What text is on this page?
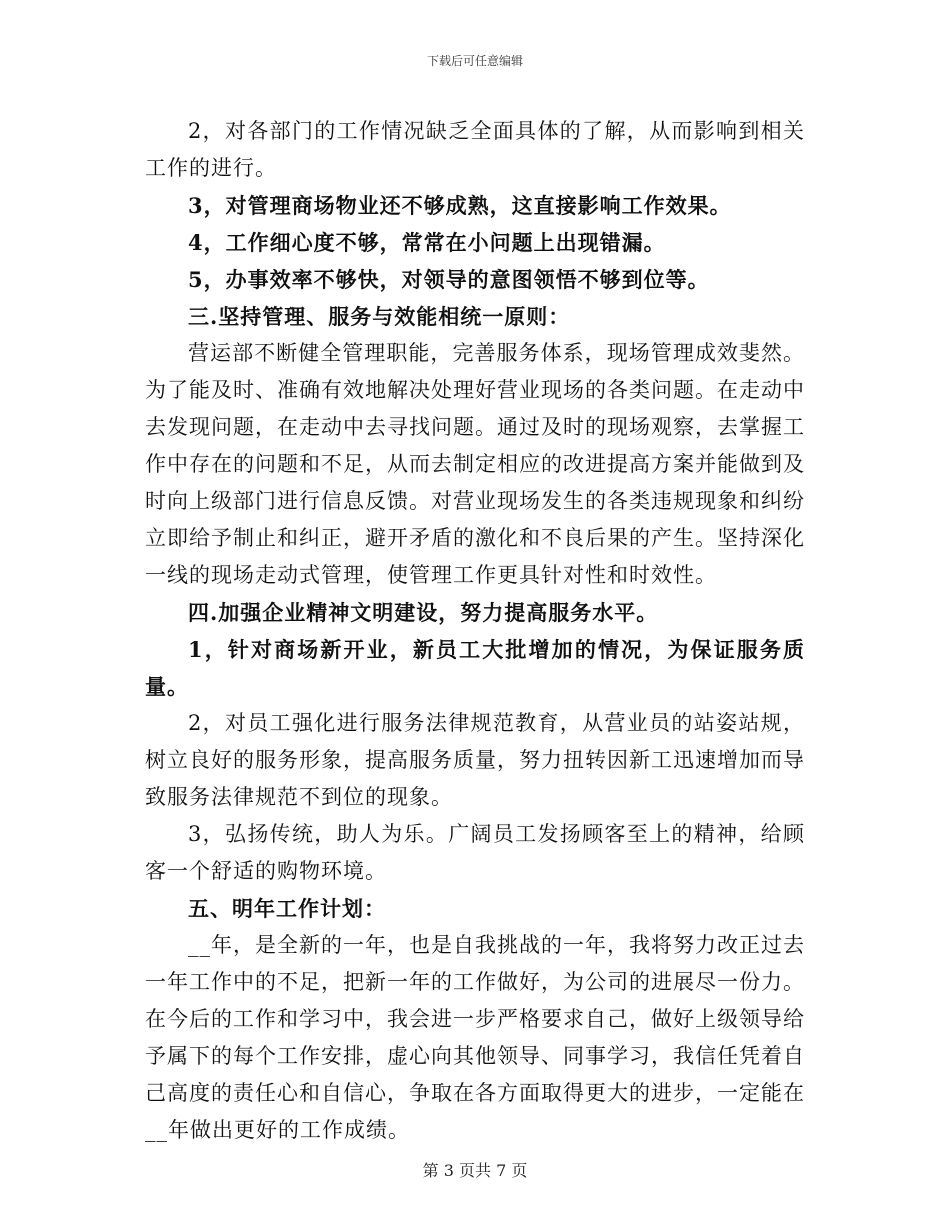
下载后可任意编辑

2，对各部门的工作情况缺乏全面具体的了解，从而影响到相关工作的进行。

3，对管理商场物业还不够成熟，这直接影响工作效果。

4，工作细心度不够，常常在小问题上出现错漏。

5，办事效率不够快，对领导的意图领悟不够到位等。

三.坚持管理、服务与效能相统一原则：

营运部不断健全管理职能，完善服务体系，现场管理成效斐然。为了能及时、准确有效地解决处理好营业现场的各类问题。在走动中去发现问题，在走动中去寻找问题。通过及时的现场观察，去掌握工作中存在的问题和不足，从而去制定相应的改进提高方案并能做到及时向上级部门进行信息反馈。对营业现场发生的各类违规现象和纠纷立即给予制止和纠正，避开矛盾的激化和不良后果的产生。坚持深化一线的现场走动式管理，使管理工作更具针对性和时效性。

四.加强企业精神文明建设，努力提高服务水平。

1，针对商场新开业，新员工大批增加的情况，为保证服务质量。

2，对员工强化进行服务法律规范教育，从营业员的站姿站规，树立良好的服务形象，提高服务质量，努力扭转因新工迅速增加而导致服务法律规范不到位的现象。

3，弘扬传统，助人为乐。广阔员工发扬顾客至上的精神，给顾客一个舒适的购物环境。

五、明年工作计划：

__年，是全新的一年，也是自我挑战的一年，我将努力改正过去一年工作中的不足，把新一年的工作做好，为公司的进展尽一份力。在今后的工作和学习中，我会进一步严格要求自己，做好上级领导给予属下的每个工作安排，虚心向其他领导、同事学习，我信任凭着自己高度的责任心和自信心，争取在各方面取得更大的进步，一定能在__年做出更好的工作成绩。

第 3 页共 7 页
